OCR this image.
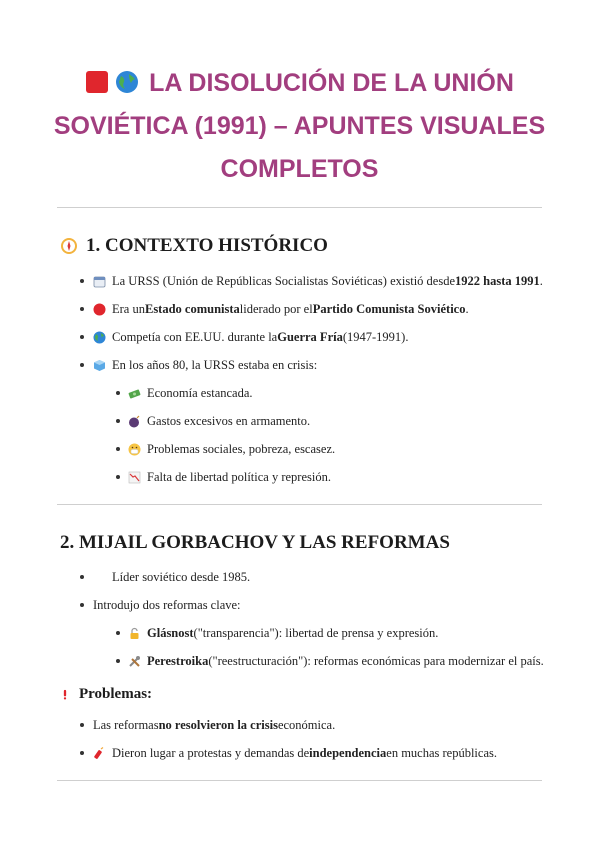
LA DISOLUCIÓN DE LA UNIÓN
SOVIÉTICA (1991) – APUNTES VISUALES
COMPLETOS
1. CONTEXTO HISTÓRICO
La URSS (Unión de Repúblicas Socialistas Soviéticas) existió desde 1922 hasta 1991 .
Era un Estado comunista liderado por el Partido Comunista Soviético .
Competía con EE.UU. durante la Guerra Fría (1947-1991).
En los años 80, la URSS estaba en crisis:
Economía estancada.
Gastos excesivos en armamento.
Problemas sociales, pobreza, escasez.
Falta de libertad política y represión.
2. MIJAIL GORBACHOV Y LAS REFORMAS
Líder soviético desde 1985.
Introdujo dos reformas clave:
Glásnost ("transparencia"): libertad de prensa y expresión.
Perestroika ("reestructuración"): reformas económicas para modernizar el país.
Problemas:
Las reformas no resolvieron la crisis económica.
Dieron lugar a protestas y demandas de independencia en muchas repúblicas.
